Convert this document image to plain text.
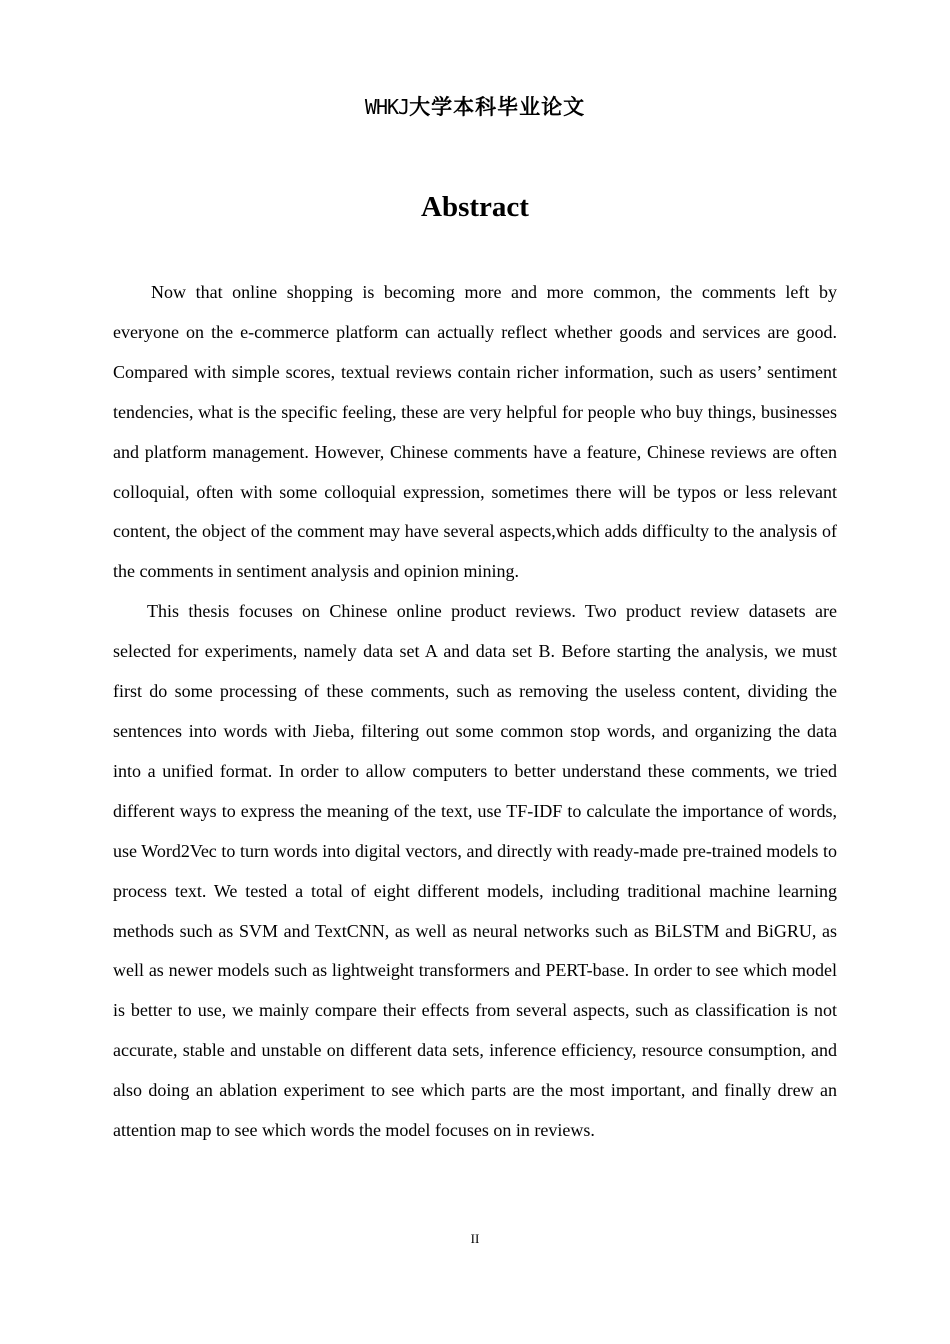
WHKJ大学本科毕业论文
Abstract

Now that online shopping is becoming more and more common, the comments left by everyone on the e-commerce platform can actually reflect whether goods and services are good. Compared with simple scores, textual reviews contain richer information, such as users’ sentiment tendencies, what is the specific feeling, these are very helpful for people who buy things, businesses and platform management. However, Chinese comments have a feature, Chinese reviews are often colloquial, often with some colloquial expression, sometimes there will be typos or less relevant content, the object of the comment may have several aspects,which adds difficulty to the analysis of the comments in sentiment analysis and opinion mining.

This thesis focuses on Chinese online product reviews. Two product review datasets are selected for experiments, namely data set A and data set B. Before starting the analysis, we must first do some processing of these comments, such as removing the useless content, dividing the sentences into words with Jieba, filtering out some common stop words, and organizing the data into a unified format. In order to allow computers to better understand these comments, we tried different ways to express the meaning of the text, use TF-IDF to calculate the importance of words, use Word2Vec to turn words into digital vectors, and directly with ready-made pre-trained models to process text. We tested a total of eight different models, including traditional machine learning methods such as SVM and TextCNN, as well as neural networks such as BiLSTM and BiGRU, as well as newer models such as lightweight transformers and PERT-base. In order to see which model is better to use, we mainly compare their effects from several aspects, such as classification is not accurate, stable and unstable on different data sets, inference efficiency, resource consumption, and also doing an ablation experiment to see which parts are the most important, and finally drew an attention map to see which words the model focuses on in reviews.

II
